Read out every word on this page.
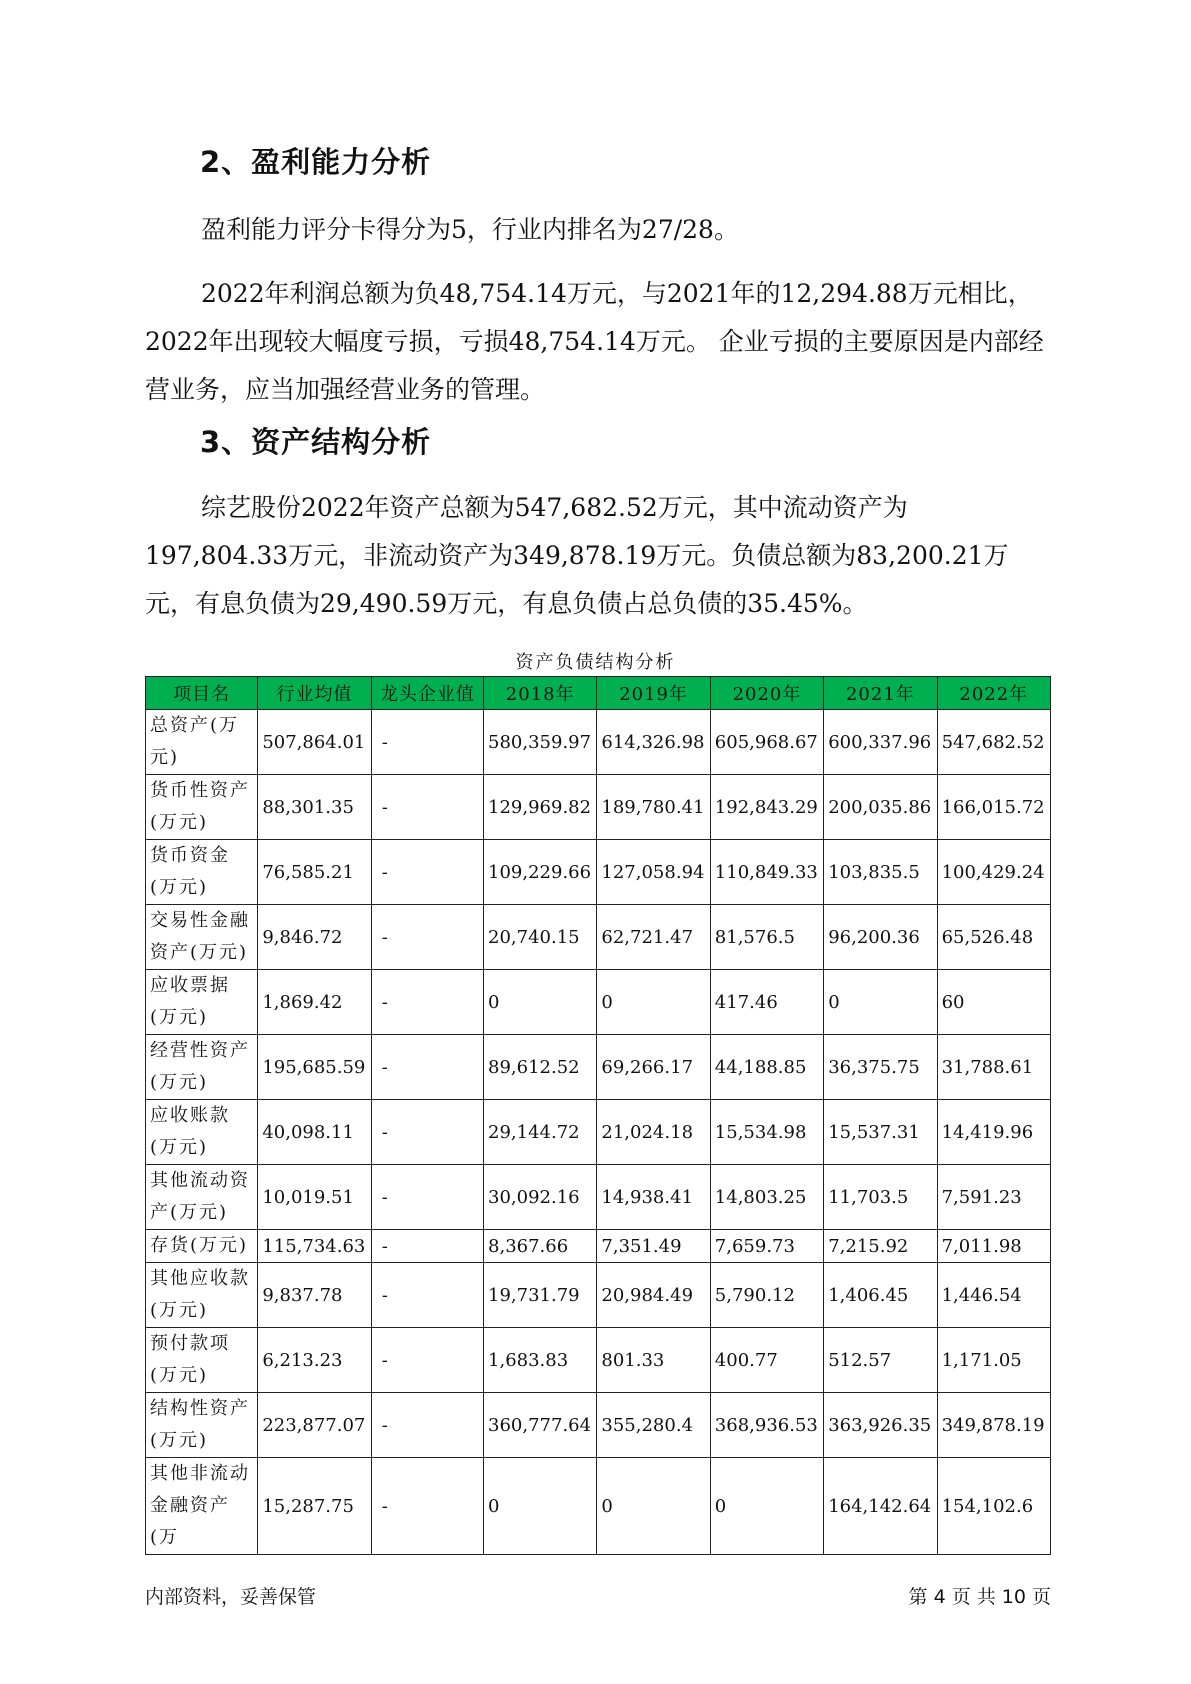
2、盈利能力分析
盈利能力评分卡得分为5，行业内排名为27/28。
2022年利润总额为负48,754.14万元，与2021年的12,294.88万元相比，2022年出现较大幅度亏损，亏损48,754.14万元。 企业亏损的主要原因是内部经营业务，应当加强经营业务的管理。
3、资产结构分析
综艺股份2022年资产总额为547,682.52万元，其中流动资产为197,804.33万元，非流动资产为349,878.19万元。负债总额为83,200.21万元，有息负债为29,490.59万元，有息负债占总负债的35.45%。
资产负债结构分析
项目名	行业均值	龙头企业值	2018年	2019年	2020年	2021年	2022年
总资产(万元)	507,864.01	-	580,359.97	614,326.98	605,968.67	600,337.96	547,682.52
货币性资产(万元)	88,301.35	-	129,969.82	189,780.41	192,843.29	200,035.86	166,015.72
货币资金(万元)	76,585.21	-	109,229.66	127,058.94	110,849.33	103,835.5	100,429.24
交易性金融资产(万元)	9,846.72	-	20,740.15	62,721.47	81,576.5	96,200.36	65,526.48
应收票据(万元)	1,869.42	-	0	0	417.46	0	60
经营性资产(万元)	195,685.59	-	89,612.52	69,266.17	44,188.85	36,375.75	31,788.61
应收账款(万元)	40,098.11	-	29,144.72	21,024.18	15,534.98	15,537.31	14,419.96
其他流动资产(万元)	10,019.51	-	30,092.16	14,938.41	14,803.25	11,703.5	7,591.23
存货(万元)	115,734.63	-	8,367.66	7,351.49	7,659.73	7,215.92	7,011.98
其他应收款(万元)	9,837.78	-	19,731.79	20,984.49	5,790.12	1,406.45	1,446.54
预付款项(万元)	6,213.23	-	1,683.83	801.33	400.77	512.57	1,171.05
结构性资产(万元)	223,877.07	-	360,777.64	355,280.4	368,936.53	363,926.35	349,878.19
其他非流动金融资产(万	15,287.75	-	0	0	0	164,142.64	154,102.6
内部资料，妥善保管	第 4 页 共 10 页
